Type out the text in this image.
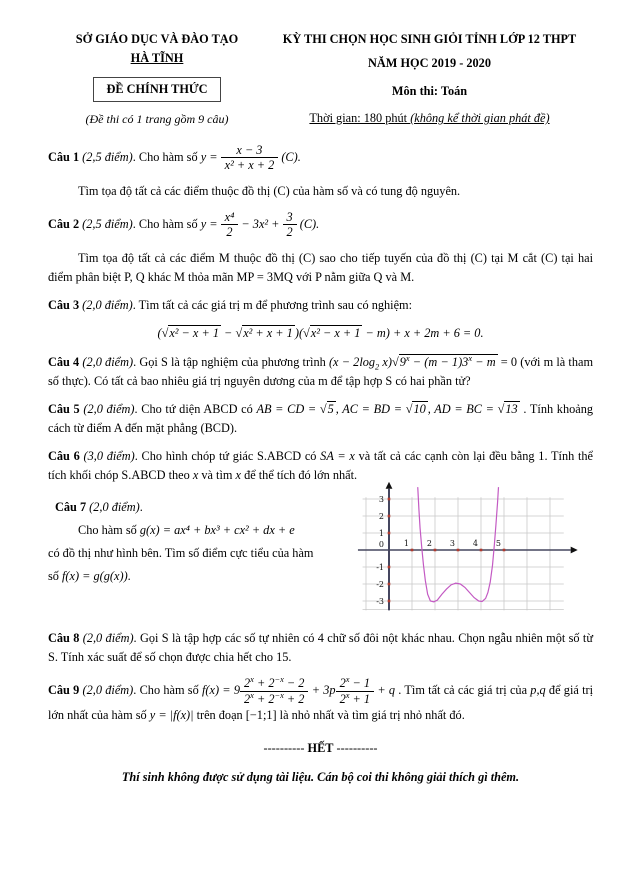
SỞ GIÁO DỤC VÀ ĐÀO TẠO
HÀ TĨNH
ĐỀ CHÍNH THỨC
(Đề thi có 1 trang gồm 9 câu)
KỲ THI CHỌN HỌC SINH GIỎI TỈNH LỚP 12 THPT
NĂM HỌC 2019 - 2020
Môn thi: Toán
Thời gian: 180 phút (không kể thời gian phát đề)

Câu 1 (2,5 điểm). Cho hàm số $y = \frac{x - 3}{\text{x² + x + 2}} (C)$.

Tìm tọa độ tất cả các điểm thuộc đồ thị (C) của hàm số và có tung độ nguyên.

Câu 2 (2,5 điểm). Cho hàm số $y = \frac{\text{x⁴}}{2} - 3x^2 + \frac{3}{2} (C)$.

Tìm tọa độ tất cả các điểm M thuộc đồ thị (C) sao cho tiếp tuyến của đồ thị (C) tại M cắt (C) tại hai điểm phân biệt P, Q khác M thỏa mãn MP = 3MQ với P nằm giữa Q và M.

Câu 3 (2,0 điểm). Tìm tất cả các giá trị m để phương trình sau có nghiệm:

(√x² − x + 1 − √x² + x + 1 )(√x² − x + 1 − m) + x + 2m + 6 = 0.

Câu 4 (2,0 điểm). Gọi S là tập nghiệm của phương trình ($x - 2\log_2$ $x)√9^x - (m - 1)3^x - m = 0$ (với m là tham số thực). Có tất cả bao nhiêu giá trị nguyên dương của m để tập hợp S có hai phần tử?

Câu 5 (2,0 điểm). Cho tứ diện ABCD có AB = CD = √5 , AC = BD = √10 , AD = BC = √13 . Tính khoảng cách từ điểm A đến mặt phẳng (BCD).

Câu 6 (3,0 điểm). Cho hình chóp tứ giác S.ABCD có SA = x và tất cả các cạnh còn lại đều bằng 1. Tính thể tích khối chóp S.ABCD theo x và tìm x để thể tích đó lớn nhất.

Câu 7 (2,0 điểm).

Cho hàm số g(x) = ax⁴ + bx³ + cx² + dx + e

có đồ thị như hình bên. Tìm số điểm cực tiểu của hàm

số f(x) = g(g(x)).

1 2 3 4 5
3
2
1
0
-1
-2
-3

Câu 8 (2,0 điểm). Gọi S là tập hợp các số tự nhiên có 4 chữ số đôi nột khác nhau. Chọn ngẫu nhiên một số từ S. Tính xác suất để số chọn được chia hết cho 15.

Câu 9 (2,0 điểm). Cho hàm số $f(x) = 9 \frac{2^x + 2^{-x} - 2}{2^x + 2^{-x} + 2} + 3p \frac{2^x - 1}{2^x + 1} + q$ . Tìm tất cả các giá trị của p,q để giá trị lớn nhất của hàm số y = |f(x)| trên đoạn [−1;1] là nhỏ nhất và tìm giá trị nhỏ nhất đó.

---------- HẾT ----------
Thí sinh không được sử dụng tài liệu. Cán bộ coi thi không giải thích gì thêm.
